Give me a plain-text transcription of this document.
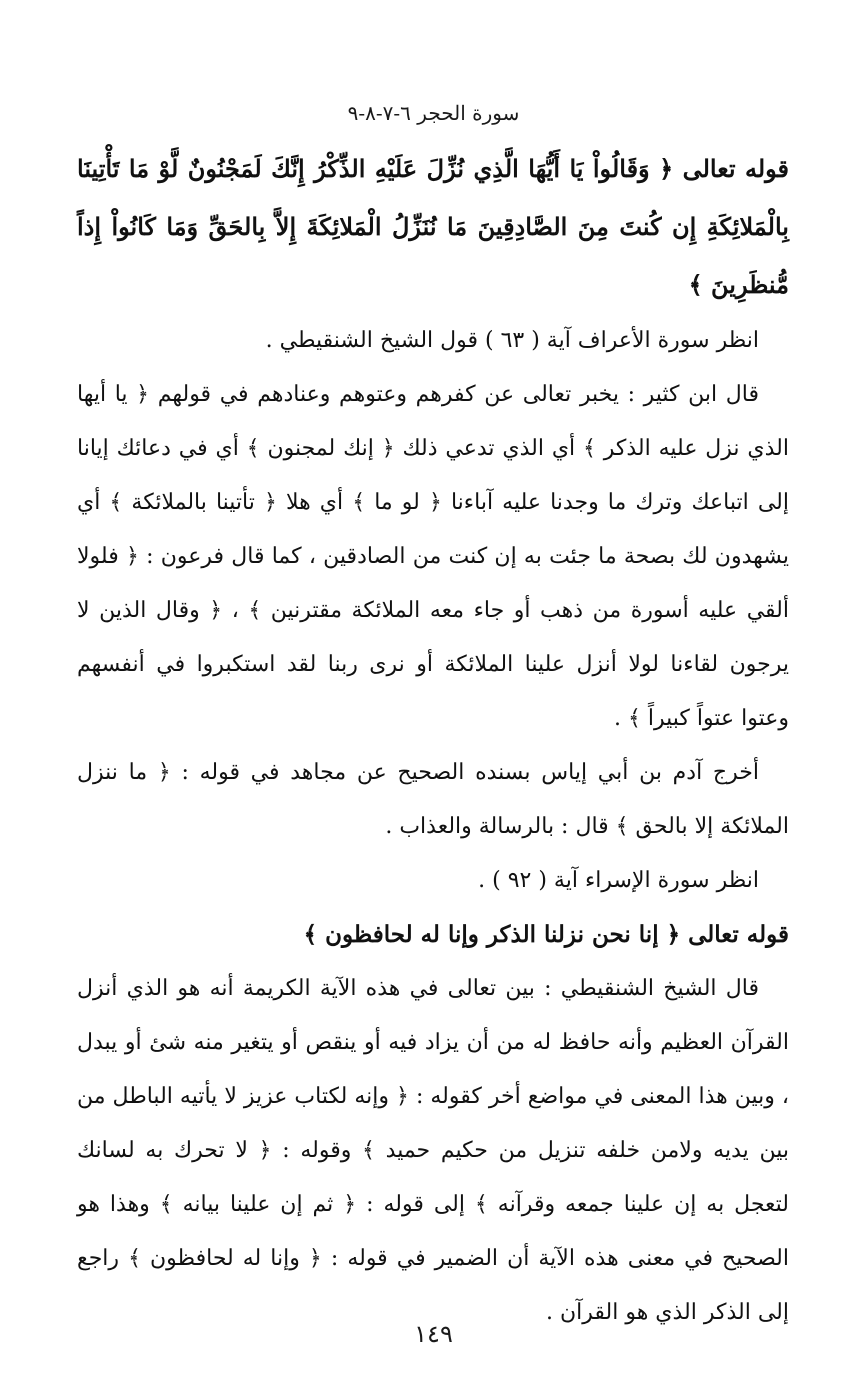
سورة الحجر ٦-٧-٨-٩

قوله تعالى ﴿ وَقَالُواْ يَا أَيُّهَا الَّذِي نُزِّلَ عَلَيْهِ الذِّكْرُ إِنَّكَ لَمَجْنُونٌ لَّوْ مَا تَأْتِينَا بِالْمَلائِكَةِ إِن كُنتَ مِنَ الصَّادِقِينَ مَا نُنَزِّلُ الْمَلائِكَةَ إِلاَّ بِالحَقِّ وَمَا كَانُواْ إِذاً مُّنظَرِينَ ﴾

انظر سورة الأعراف آية ( ٦٣ ) قول الشيخ الشنقيطي .

قال ابن كثير : يخبر تعالى عن كفرهم وعتوهم وعنادهم في قولهم ﴿ يا أيها الذي نزل عليه الذكر ﴾ أي الذي تدعي ذلك ﴿ إنك لمجنون ﴾ أي في دعائك إيانا إلى اتباعك وترك ما وجدنا عليه آباءنا ﴿ لو ما ﴾ أي هلا ﴿ تأتينا بالملائكة ﴾ أي يشهدون لك بصحة ما جئت به إن كنت من الصادقين ، كما قال فرعون : ﴿ فلولا ألقي عليه أسورة من ذهب أو جاء معه الملائكة مقترنين ﴾ ، ﴿ وقال الذين لا يرجون لقاءنا لولا أنزل علينا الملائكة أو نرى ربنا لقد استكبروا في أنفسهم وعتوا عتواً كبيراً ﴾ .

أخرج آدم بن أبي إياس بسنده الصحيح عن مجاهد في قوله : ﴿ ما ننزل الملائكة إلا بالحق ﴾ قال : بالرسالة والعذاب .

انظر سورة الإسراء آية ( ٩٢ ) .

قوله تعالى ﴿ إنا نحن نزلنا الذكر وإنا له لحافظون ﴾

قال الشيخ الشنقيطي : بين تعالى في هذه الآية الكريمة أنه هو الذي أنزل القرآن العظيم وأنه حافظ له من أن يزاد فيه أو ينقص أو يتغير منه شئ أو يبدل ، وبين هذا المعنى في مواضع أخر كقوله : ﴿ وإنه لكتاب عزيز لا يأتيه الباطل من بين يديه ولامن خلفه تنزيل من حكيم حميد ﴾ وقوله : ﴿ لا تحرك به لسانك لتعجل به إن علينا جمعه وقرآنه ﴾ إلى قوله : ﴿ ثم إن علينا بيانه ﴾ وهذا هو الصحيح في معنى هذه الآية أن الضمير في قوله : ﴿ وإنا له لحافظون ﴾ راجع إلى الذكر الذي هو القرآن .

١٤٩
